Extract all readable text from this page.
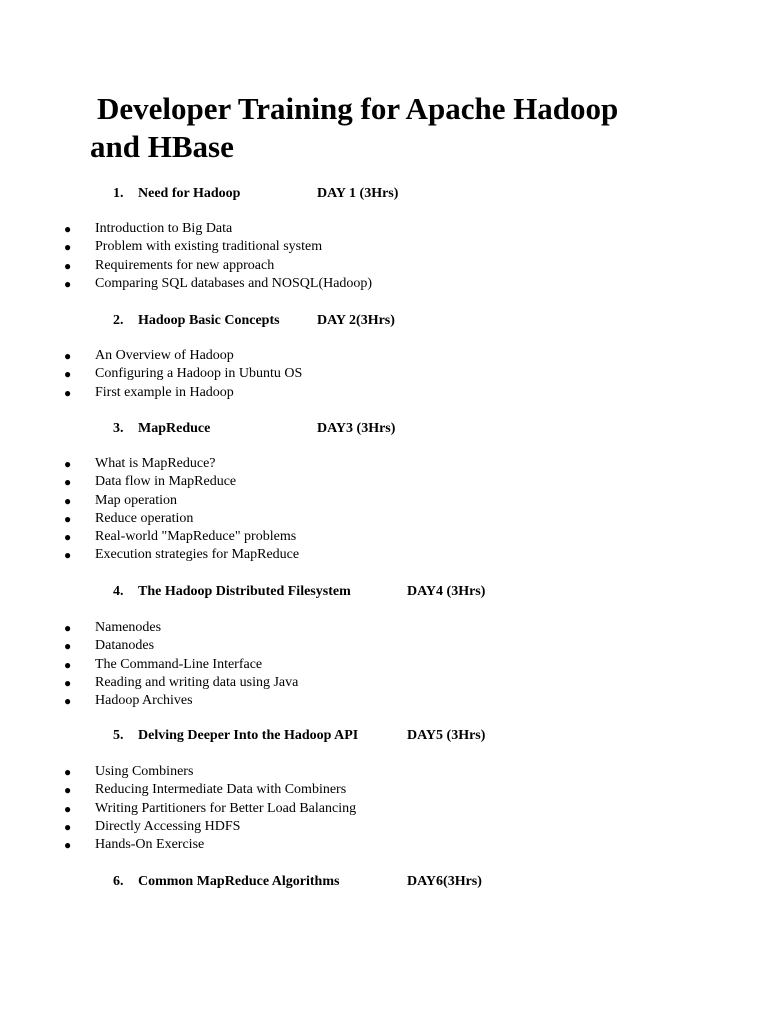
Developer Training for Apache Hadoop
and HBase
1. Need for Hadoop	DAY 1 (3Hrs)
● Introduction to Big Data
● Problem with existing traditional system
● Requirements for new approach
● Comparing SQL databases and NOSQL(Hadoop)
2. Hadoop Basic Concepts	DAY 2(3Hrs)
● An Overview of Hadoop
● Configuring a Hadoop in Ubuntu OS
● First example in Hadoop
3. MapReduce	DAY3 (3Hrs)
● What is MapReduce?
● Data flow in MapReduce
● Map operation
● Reduce operation
● Real-world "MapReduce" problems
● Execution strategies for MapReduce
4. The Hadoop Distributed Filesystem	DAY4 (3Hrs)
● Namenodes
● Datanodes
● The Command-Line Interface
● Reading and writing data using Java
● Hadoop Archives
5. Delving Deeper Into the Hadoop API	DAY5 (3Hrs)
● Using Combiners
● Reducing Intermediate Data with Combiners
● Writing Partitioners for Better Load Balancing
● Directly Accessing HDFS
● Hands-On Exercise
6. Common MapReduce Algorithms	DAY6(3Hrs)
